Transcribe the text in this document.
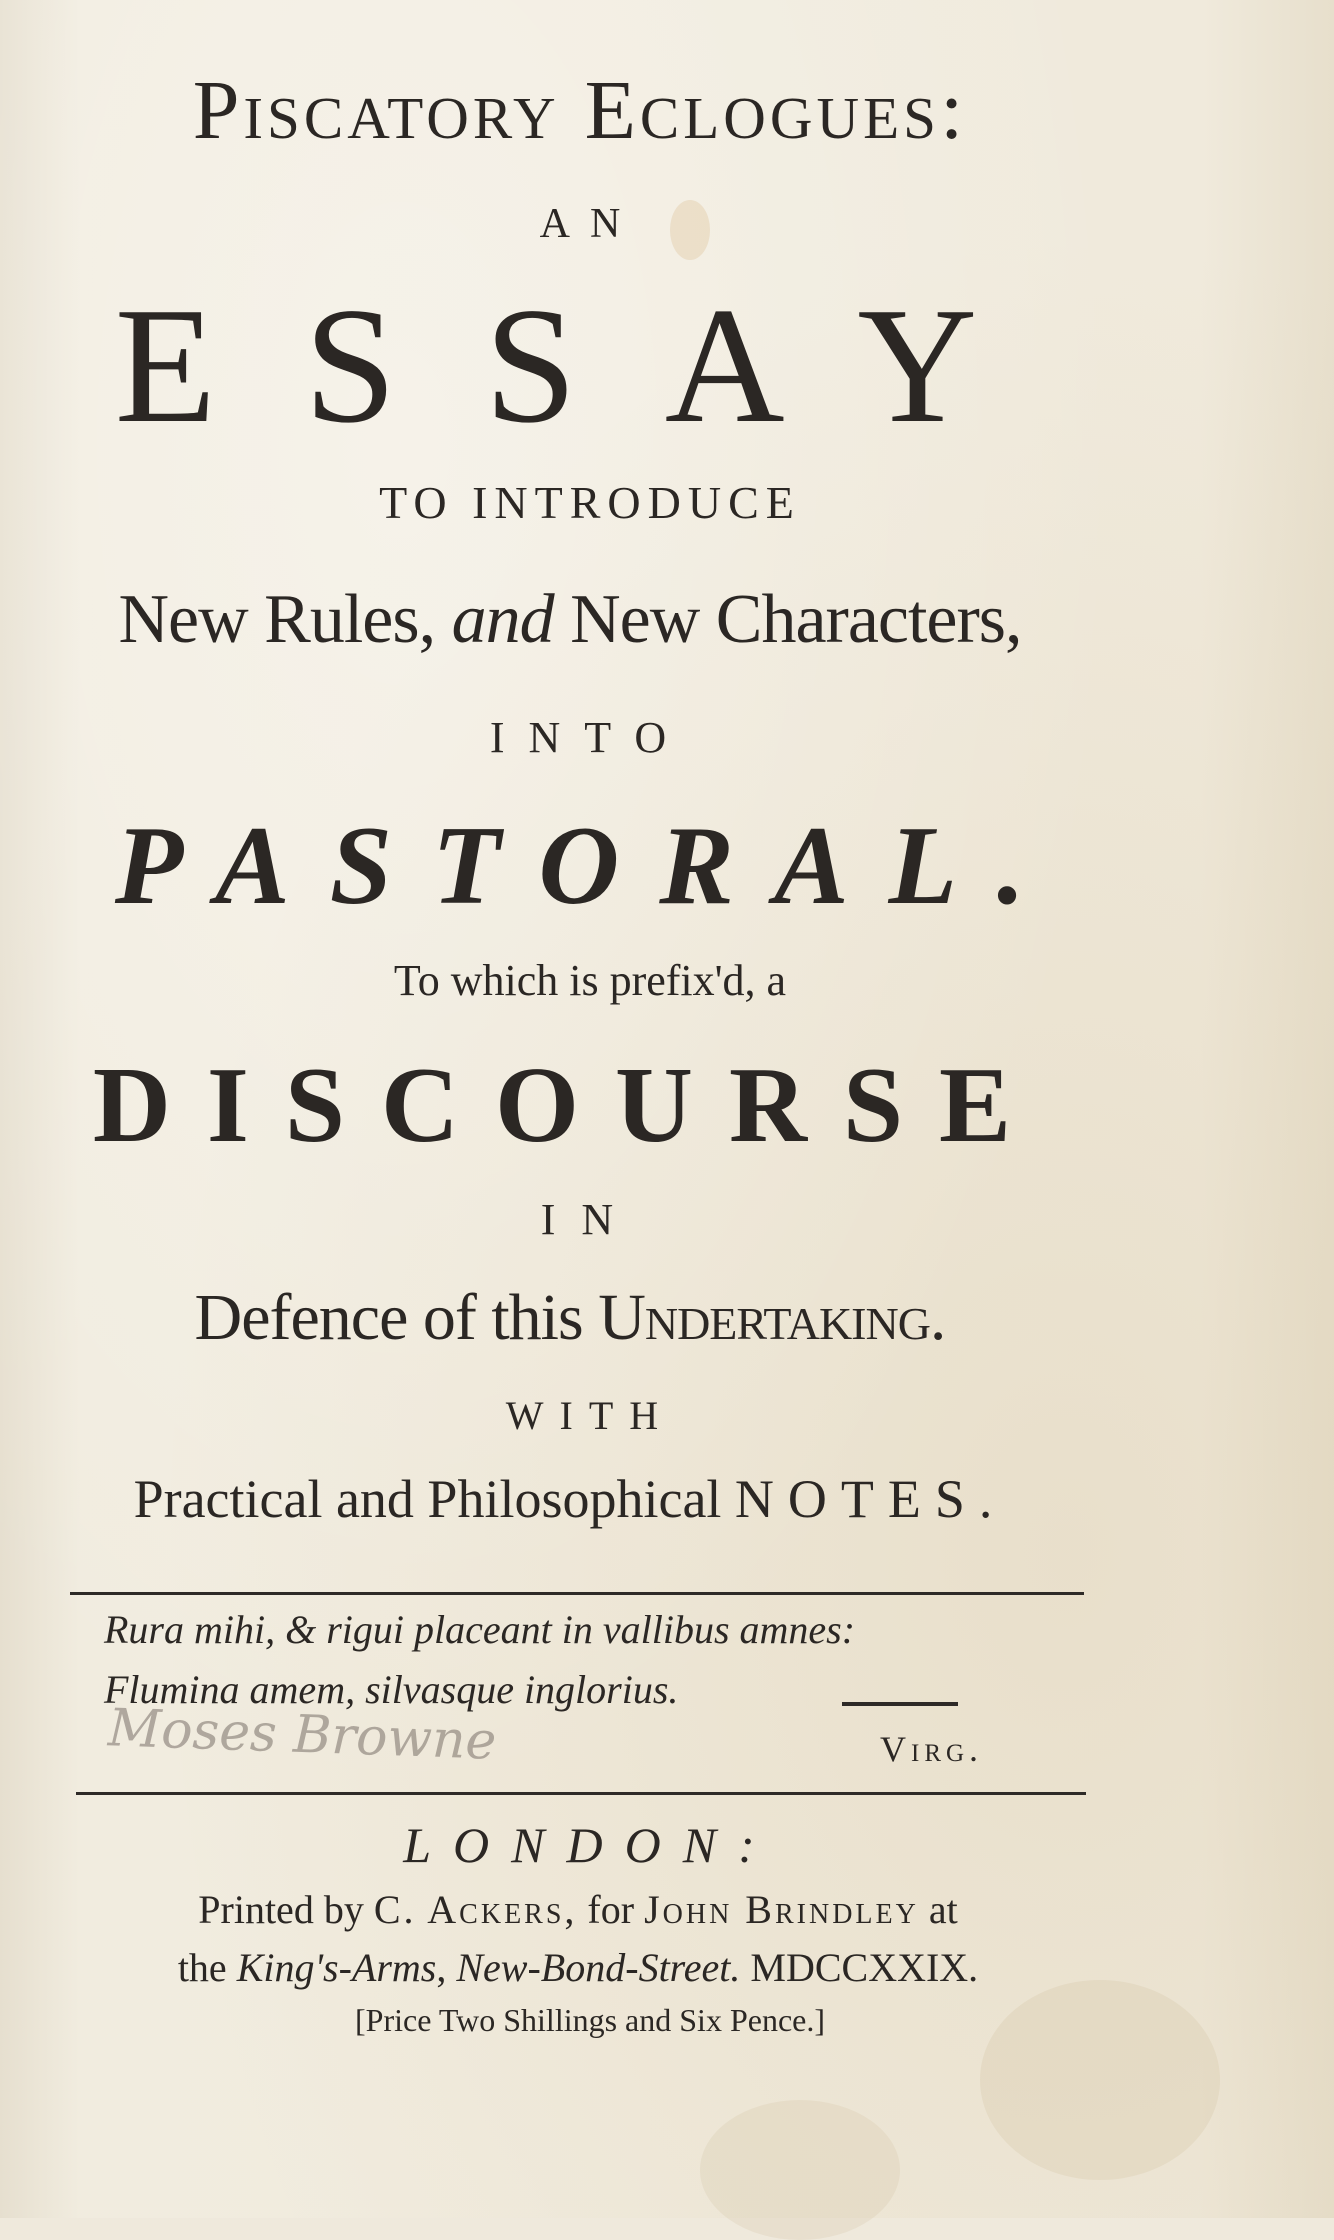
Piscatory Eclogues:
AN
ESSAY
TO INTRODUCE
New Rules, and New Characters,
INTO
PASTORAL.
To which is prefix'd, a
DISCOURSE
IN
Defence of this Undertaking.
WITH
Practical and Philosophical NOTES.
Rura mihi, & rigui placeant in vallibus amnes:
Flumina amem, silvasque inglorius.
Virg.
Moses Browne
LONDON:
Printed by C. Ackers, for John Brindley at
the King's-Arms, New-Bond-Street. MDCCXXIX.
[Price Two Shillings and Six Pence.]
